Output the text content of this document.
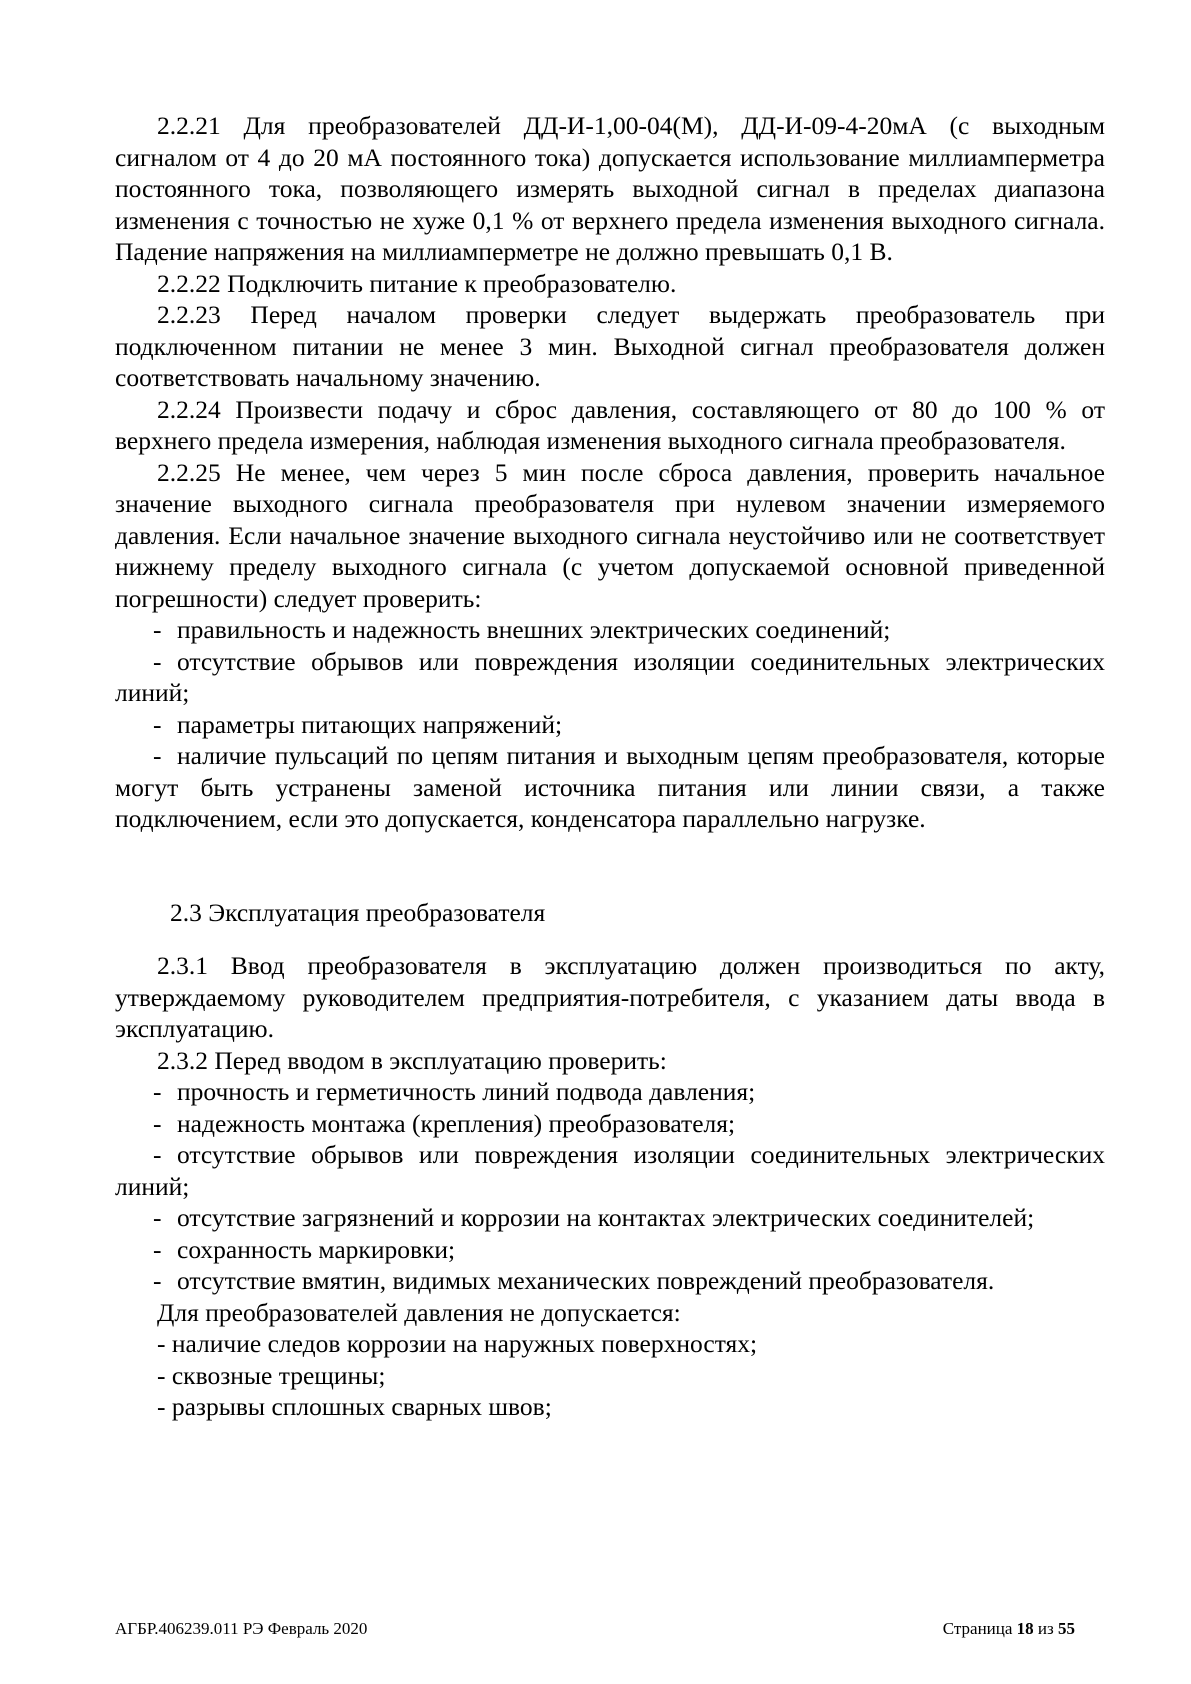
2.2.21 Для преобразователей ДД-И-1,00-04(М), ДД-И-09-4-20мА (с выходным сигналом от 4 до 20 мА постоянного тока) допускается использование миллиамперметра постоянного тока, позволяющего измерять выходной сигнал в пределах диапазона изменения с точностью не хуже 0,1 % от верхнего предела изменения выходного сигнала. Падение напряжения на миллиамперметре не должно превышать 0,1 В.

2.2.22 Подключить питание к преобразователю.

2.2.23 Перед началом проверки следует выдержать преобразователь при подключенном питании не менее 3 мин. Выходной сигнал преобразователя должен соответствовать начальному значению.

2.2.24 Произвести подачу и сброс давления, составляющего от 80 до 100 % от верхнего предела измерения, наблюдая изменения выходного сигнала преобразователя.

2.2.25 Не менее, чем через 5 мин после сброса давления, проверить начальное значение выходного сигнала преобразователя при нулевом значении измеряемого давления. Если начальное значение выходного сигнала неустойчиво или не соответствует нижнему пределу выходного сигнала (с учетом допускаемой основной приведенной погрешности) следует проверить:

- правильность и надежность внешних электрических соединений;

- отсутствие обрывов или повреждения изоляции соединительных электрических линий;

- параметры питающих напряжений;

- наличие пульсаций по цепям питания и выходным цепям преобразователя, которые могут быть устранены заменой источника питания или линии связи, а также подключением, если это допускается, конденсатора параллельно нагрузке.

2.3 Эксплуатация преобразователя

2.3.1 Ввод преобразователя в эксплуатацию должен производиться по акту, утверждаемому руководителем предприятия-потребителя, с указанием даты ввода в эксплуатацию.

2.3.2 Перед вводом в эксплуатацию проверить:

- прочность и герметичность линий подвода давления;

- надежность монтажа (крепления) преобразователя;

- отсутствие обрывов или повреждения изоляции соединительных электрических линий;

- отсутствие загрязнений и коррозии на контактах электрических соединителей;

- сохранность маркировки;

- отсутствие вмятин, видимых механических повреждений преобразователя.

Для преобразователей давления не допускается:

- наличие следов коррозии на наружных поверхностях;

- сквозные трещины;

- разрывы сплошных сварных швов;

АГБР.406239.011 РЭ Февраль 2020	Страница 18 из 55
